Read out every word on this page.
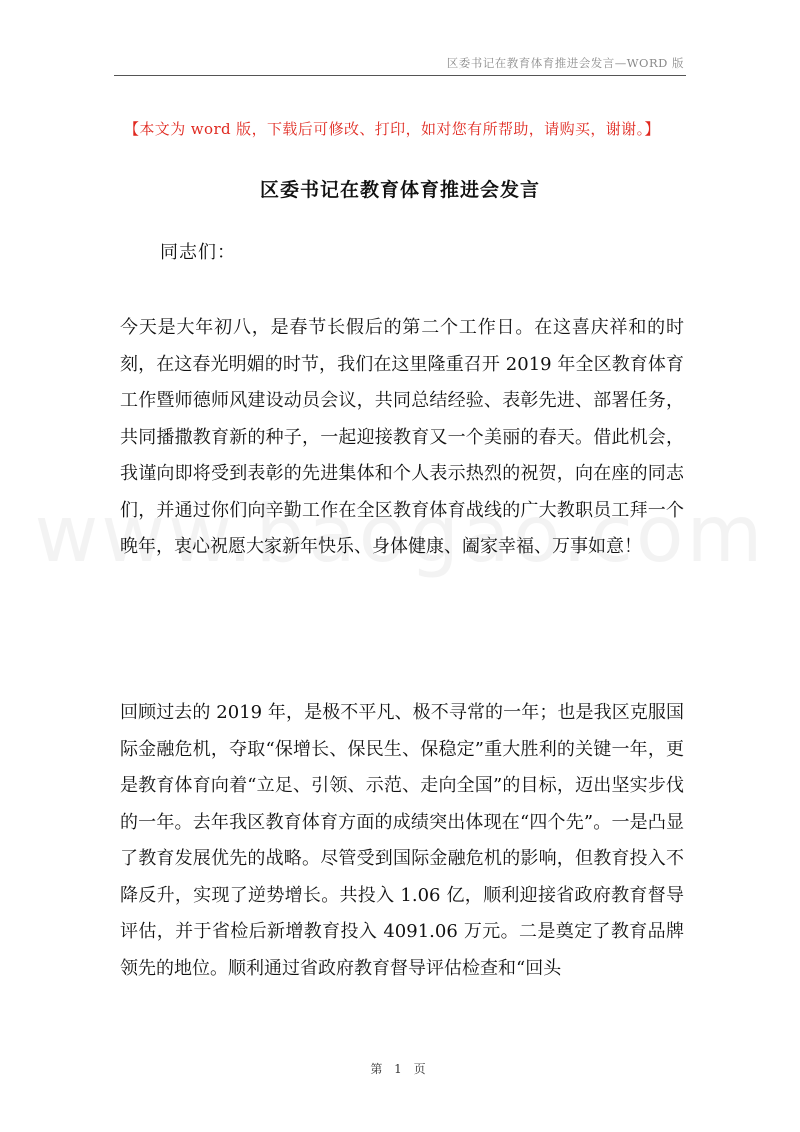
区委书记在教育体育推进会发言—WORD 版
【本文为 word 版，下载后可修改、打印，如对您有所帮助，请购买，谢谢。】
区委书记在教育体育推进会发言
同志们：

今天是大年初八，是春节长假后的第二个工作日。在这喜庆祥和的时刻，在这春光明媚的时节，我们在这里隆重召开 2019 年全区教育体育工作暨师德师风建设动员会议，共同总结经验、表彰先进、部署任务，共同播撒教育新的种子，一起迎接教育又一个美丽的春天。借此机会，我谨向即将受到表彰的先进集体和个人表示热烈的祝贺，向在座的同志们，并通过你们向辛勤工作在全区教育体育战线的广大教职员工拜一个晚年，衷心祝愿大家新年快乐、身体健康、阖家幸福、万事如意！

回顾过去的 2019 年，是极不平凡、极不寻常的一年；也是我区克服国际金融危机，夺取“保增长、保民生、保稳定”重大胜利的关键一年，更是教育体育向着“立足、引领、示范、走向全国”的目标，迈出坚实步伐的一年。去年我区教育体育方面的成绩突出体现在“四个先”。一是凸显了教育发展优先的战略。尽管受到国际金融危机的影响，但教育投入不降反升，实现了逆势增长。共投入 1.06 亿，顺利迎接省政府教育督导评估，并于省检后新增教育投入 4091.06 万元。二是奠定了教育品牌领先的地位。顺利通过省政府教育督导评估检查和“回头

第 1 页
